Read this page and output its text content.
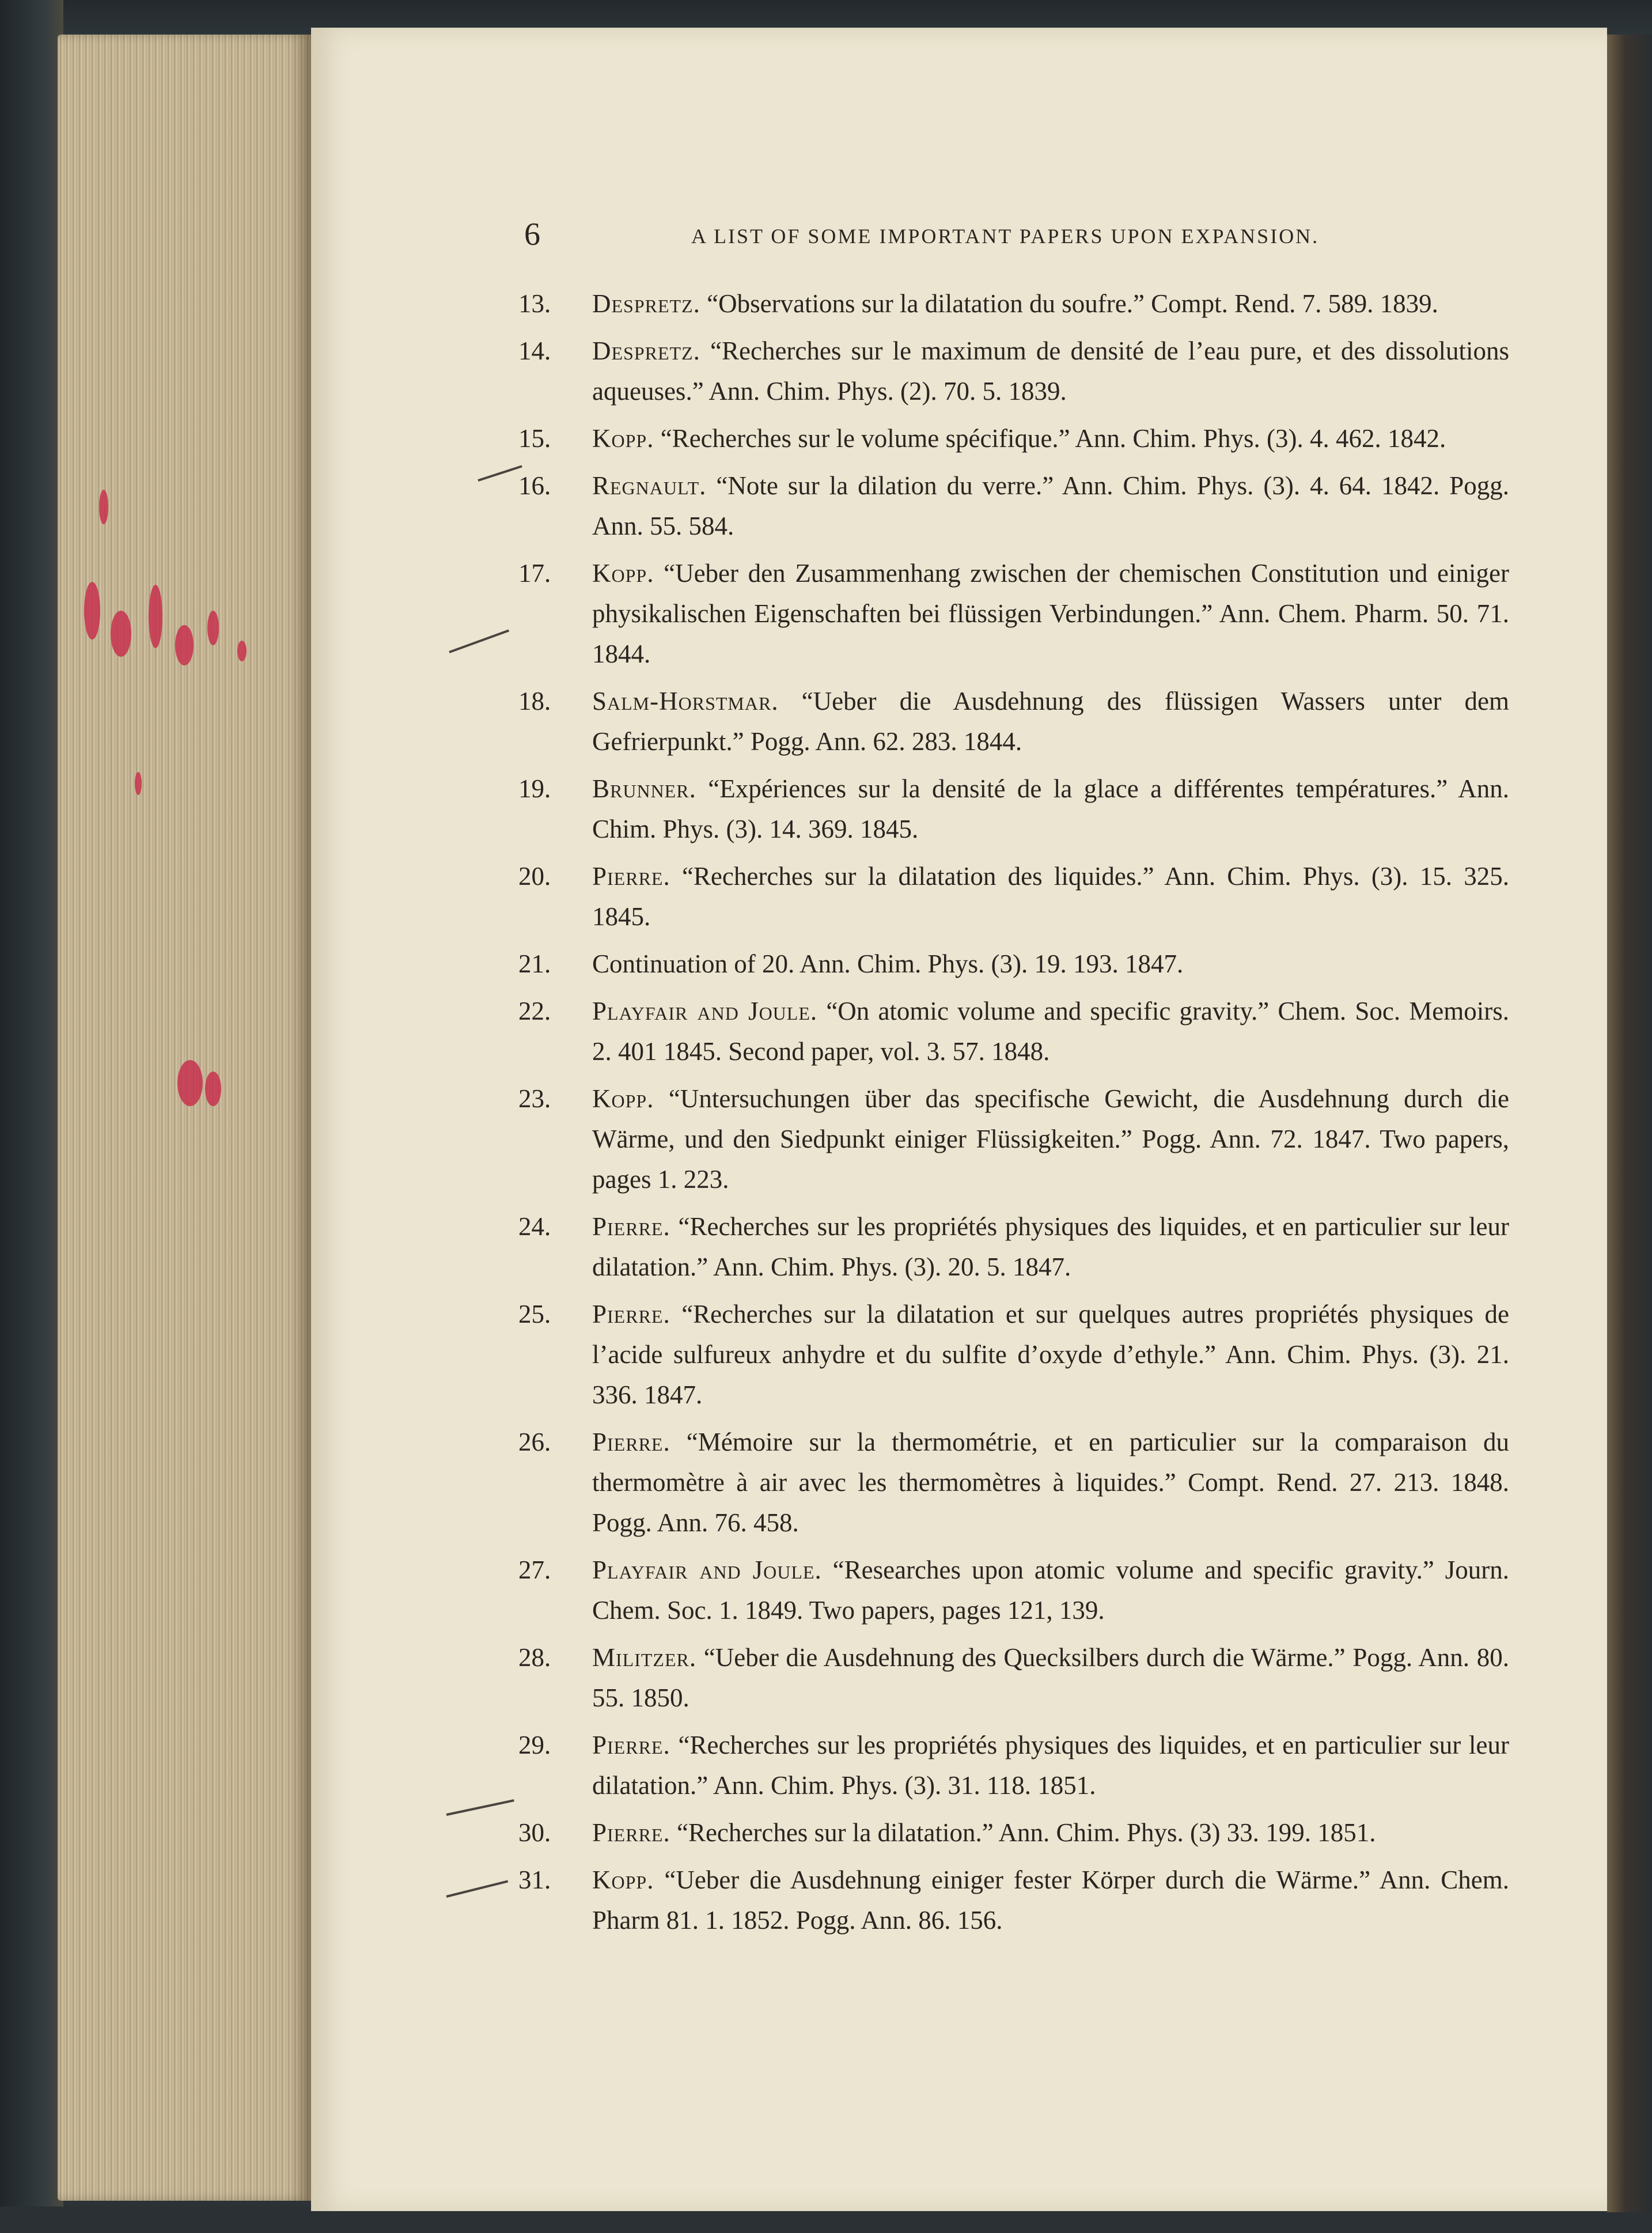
6	A LIST OF SOME IMPORTANT PAPERS UPON EXPANSION.
13.	Despretz. “Observations sur la dilatation du soufre.” Compt. Rend. 7. 589. 1839.
14.	Despretz. “Recherches sur le maximum de densité de l’eau pure, et des dissolutions aqueuses.” Ann. Chim. Phys. (2). 70. 5. 1839.
15.	Kopp. “Recherches sur le volume spécifique.” Ann. Chim. Phys. (3). 4. 462. 1842.
16.	Regnault. “Note sur la dilation du verre.” Ann. Chim. Phys. (3). 4. 64. 1842. Pogg. Ann. 55. 584.
17.	Kopp. “Ueber den Zusammenhang zwischen der chemischen Constitution und einiger physikalischen Eigenschaften bei flüssigen Verbindungen.” Ann. Chem. Pharm. 50. 71. 1844.
18.	Salm-Horstmar. “Ueber die Ausdehnung des flüssigen Wassers unter dem Gefrierpunkt.” Pogg. Ann. 62. 283. 1844.
19.	Brunner. “Expériences sur la densité de la glace a différentes températures.” Ann. Chim. Phys. (3). 14. 369. 1845.
20.	Pierre. “Recherches sur la dilatation des liquides.” Ann. Chim. Phys. (3). 15. 325. 1845.
21.	Continuation of 20. Ann. Chim. Phys. (3). 19. 193. 1847.
22.	Playfair and Joule. “On atomic volume and specific gravity.” Chem. Soc. Memoirs. 2. 401 1845. Second paper, vol. 3. 57. 1848.
23.	Kopp. “Untersuchungen über das specifische Gewicht, die Ausdehnung durch die Wärme, und den Siedpunkt einiger Flüssigkeiten.” Pogg. Ann. 72. 1847. Two papers, pages 1. 223.
24.	Pierre. “Recherches sur les propriétés physiques des liquides, et en particulier sur leur dilatation.” Ann. Chim. Phys. (3). 20. 5. 1847.
25.	Pierre. “Recherches sur la dilatation et sur quelques autres propriétés physiques de l’acide sulfureux anhydre et du sulfite d’oxyde d’ethyle.” Ann. Chim. Phys. (3). 21. 336. 1847.
26.	Pierre. “Mémoire sur la thermométrie, et en particulier sur la comparaison du thermomètre à air avec les thermomètres à liquides.” Compt. Rend. 27. 213. 1848. Pogg. Ann. 76. 458.
27.	Playfair and Joule. “Researches upon atomic volume and specific gravity.” Journ. Chem. Soc. 1. 1849. Two papers, pages 121, 139.
28.	Militzer. “Ueber die Ausdehnung des Quecksilbers durch die Wärme.” Pogg. Ann. 80. 55. 1850.
29.	Pierre. “Recherches sur les propriétés physiques des liquides, et en particulier sur leur dilatation.” Ann. Chim. Phys. (3). 31. 118. 1851.
30.	Pierre. “Recherches sur la dilatation.” Ann. Chim. Phys. (3) 33. 199. 1851.
31.	Kopp. “Ueber die Ausdehnung einiger fester Körper durch die Wärme.” Ann. Chem. Pharm 81. 1. 1852. Pogg. Ann. 86. 156.
